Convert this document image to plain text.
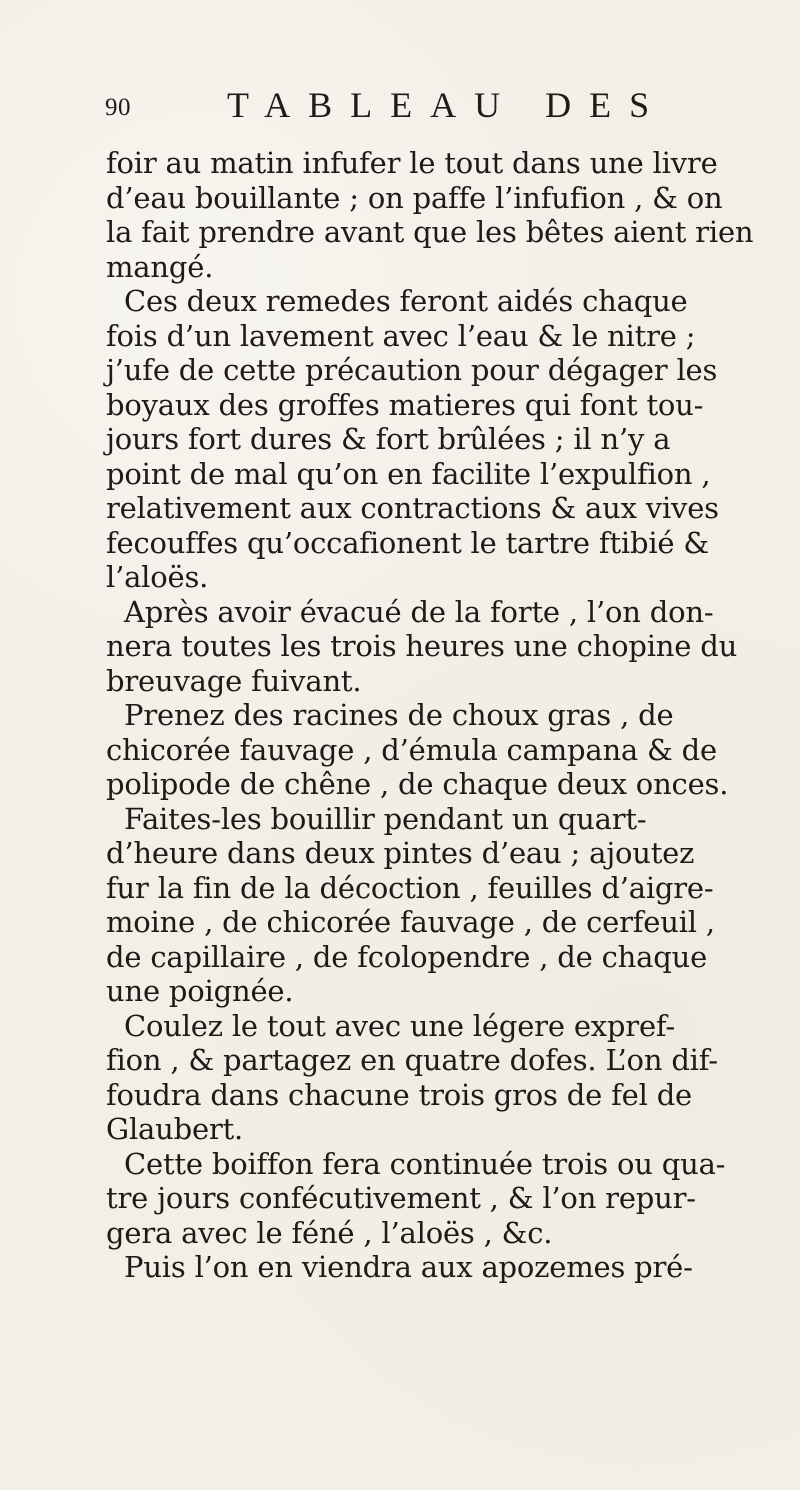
90	TABLEAU DES
foir au matin infufer le tout dans une livre
d’eau bouillante ; on paffe l’infufion , & on
la fait prendre avant que les bêtes aient rien
mangé.
Ces deux remedes feront aidés chaque
fois d’un lavement avec l’eau & le nitre ;
j’ufe de cette précaution pour dégager les
boyaux des groffes matieres qui font tou-
jours fort dures & fort brûlées ; il n’y a
point de mal qu’on en facilite l’expulfion ,
relativement aux contractions & aux vives
fecouffes qu’occafionent le tartre ftibié &
l’aloës.
Après avoir évacué de la forte , l’on don-
nera toutes les trois heures une chopine du
breuvage fuivant.
Prenez des racines de choux gras , de
chicorée fauvage , d’émula campana & de
polipode de chêne , de chaque deux onces.
Faites-les bouillir pendant un quart-
d’heure dans deux pintes d’eau ; ajoutez
fur la fin de la décoction , feuilles d’aigre-
moine , de chicorée fauvage , de cerfeuil ,
de capillaire , de fcolopendre , de chaque
une poignée.
Coulez le tout avec une légere expref-
fion , & partagez en quatre dofes. L’on dif-
foudra dans chacune trois gros de fel de
Glaubert.
Cette boiffon fera continuée trois ou qua-
tre jours confécutivement , & l’on repur-
gera avec le féné , l’aloës , &c.
Puis l’on en viendra aux apozemes pré-
